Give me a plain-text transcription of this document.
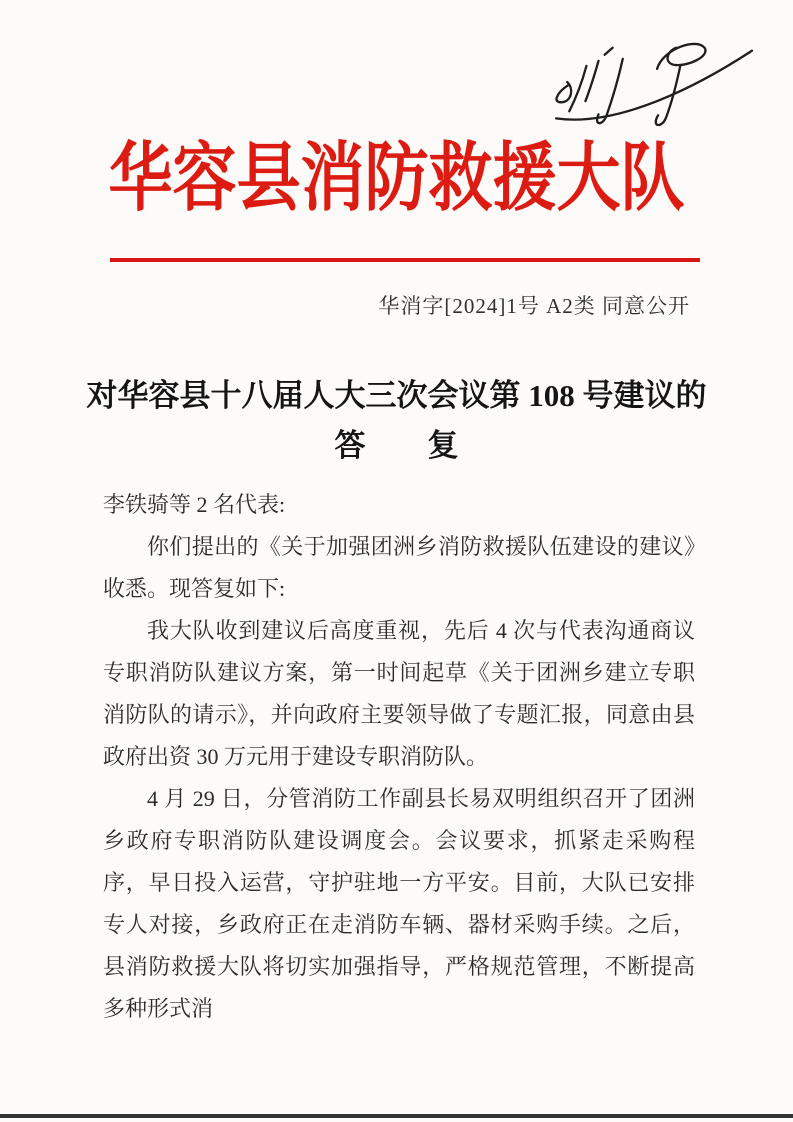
华容县消防救援大队
华消字[2024]1号 A2类 同意公开
对华容县十八届人大三次会议第 108 号建议的
答　　复

李铁骑等 2 名代表:

你们提出的《关于加强团洲乡消防救援队伍建设的建议》收悉。现答复如下:

我大队收到建议后高度重视，先后 4 次与代表沟通商议专职消防队建议方案，第一时间起草《关于团洲乡建立专职消防队的请示》，并向政府主要领导做了专题汇报，同意由县政府出资 30 万元用于建设专职消防队。

4 月 29 日，分管消防工作副县长易双明组织召开了团洲乡政府专职消防队建设调度会。会议要求，抓紧走采购程序，早日投入运营，守护驻地一方平安。目前，大队已安排专人对接，乡政府正在走消防车辆、器材采购手续。之后，县消防救援大队将切实加强指导，严格规范管理，不断提高多种形式消
